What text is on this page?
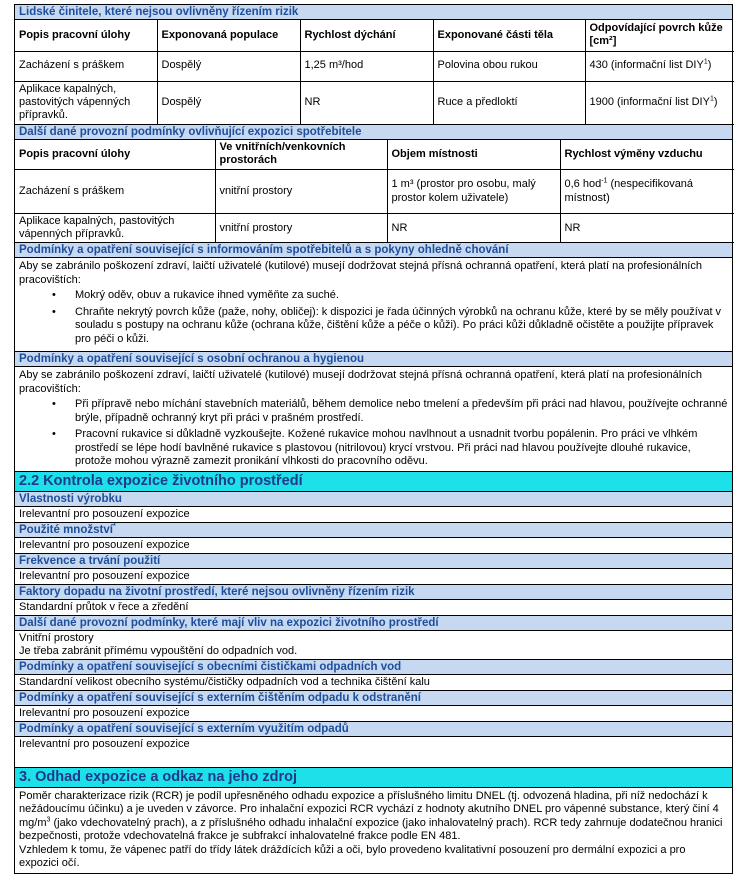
Lidské činitele, které nejsou ovlivněny řízením rizik
Popis pracovní úlohy	Exponovaná populace	Rychlost dýchání	Exponované části těla	Odpovídající povrch kůže [cm²]
Zacházení s práškem	Dospělý	1,25 m³/hod	Polovina obou rukou	430 (informační list DIY$^1$)
Aplikace kapalných, pastovitých vápenných přípravků.	Dospělý	NR	Ruce a předloktí	1900 (informační list DIY$^1$)
Další dané provozní podmínky ovlivňující expozici spotřebitele
Popis pracovní úlohy	Ve vnitřních/venkovních prostorách	Objem místnosti	Rychlost výměny vzduchu
Zacházení s práškem	vnitřní prostory	1 m³ (prostor pro osobu, malý prostor kolem uživatele)	0,6 hod$^{-1}$ (nespecifikovaná místnost)
Aplikace kapalných, pastovitých vápenných přípravků.	vnitřní prostory	NR	NR
Podmínky a opatření související s informováním spotřebitelů a s pokyny ohledně chování
Aby se zabránilo poškození zdraví, laičtí uživatelé (kutilové) musejí dodržovat stejná přísná ochranná opatření, která platí na profesionálních pracovištích:
• Mokrý oděv, obuv a rukavice ihned vyměňte za suché.
• Chraňte nekrytý povrch kůže (paže, nohy, obličej): k dispozici je řada účinných výrobků na ochranu kůže, které by se měly používat v souladu s postupy na ochranu kůže (ochrana kůže, čištění kůže a péče o kůži). Po práci kůži důkladně očistěte a použijte přípravek pro péči o kůži.
Podmínky a opatření související s osobní ochranou a hygienou
Aby se zabránilo poškození zdraví, laičtí uživatelé (kutilové) musejí dodržovat stejná přísná ochranná opatření, která platí na profesionálních pracovištích:
• Při přípravě nebo míchání stavebních materiálů, během demolice nebo tmelení a především při práci nad hlavou, používejte ochranné brýle, případně ochranný kryt při práci v prašném prostředí.
• Pracovní rukavice si důkladně vyzkoušejte. Kožené rukavice mohou navlhnout a usnadnit tvorbu popálenin. Pro práci ve vlhkém prostředí se lépe hodí bavlněné rukavice s plastovou (nitrilovou) krycí vrstvou. Při práci nad hlavou používejte dlouhé rukavice, protože mohou výrazně zamezit pronikání vlhkosti do pracovního oděvu.
2.2 Kontrola expozice životního prostředí
Vlastnosti výrobku
Irelevantní pro posouzení expozice
Použité množství*
Irelevantní pro posouzení expozice
Frekvence a trvání použití
Irelevantní pro posouzení expozice
Faktory dopadu na životní prostředí, které nejsou ovlivněny řízením rizik
Standardní průtok v řece a zředění
Další dané provozní podmínky, které mají vliv na expozici životního prostředí
Vnitřní prostory
Je třeba zabránit přímému vypouštění do odpadních vod.
Podmínky a opatření související s obecními čističkami odpadních vod
Standardní velikost obecního systému/čističky odpadních vod a technika čištění kalu
Podmínky a opatření související s externím čištěním odpadu k odstranění
Irelevantní pro posouzení expozice
Podmínky a opatření související s externím využitím odpadů
Irelevantní pro posouzení expozice
3. Odhad expozice a odkaz na jeho zdroj
Poměr charakterizace rizik (RCR) je podíl upřesněného odhadu expozice a příslušného limitu DNEL (tj. odvozená hladina, při níž nedochází k nežádoucímu účinku) a je uveden v závorce. Pro inhalační expozici RCR vychází z hodnoty akutního DNEL pro vápenné substance, který činí 4 $mg/m^3$ (jako vdechovatelný prach), a z příslušného odhadu inhalační expozice (jako inhalovatelný prach). RCR tedy zahrnuje dodatečnou hranici bezpečnosti, protože vdechovatelná frakce je subfrakcí inhalovatelné frakce podle EN 481.
Vzhledem k tomu, že vápenec patří do třídy látek dráždících kůži a oči, bylo provedeno kvalitativní posouzení pro dermální expozici a pro expozici očí.
